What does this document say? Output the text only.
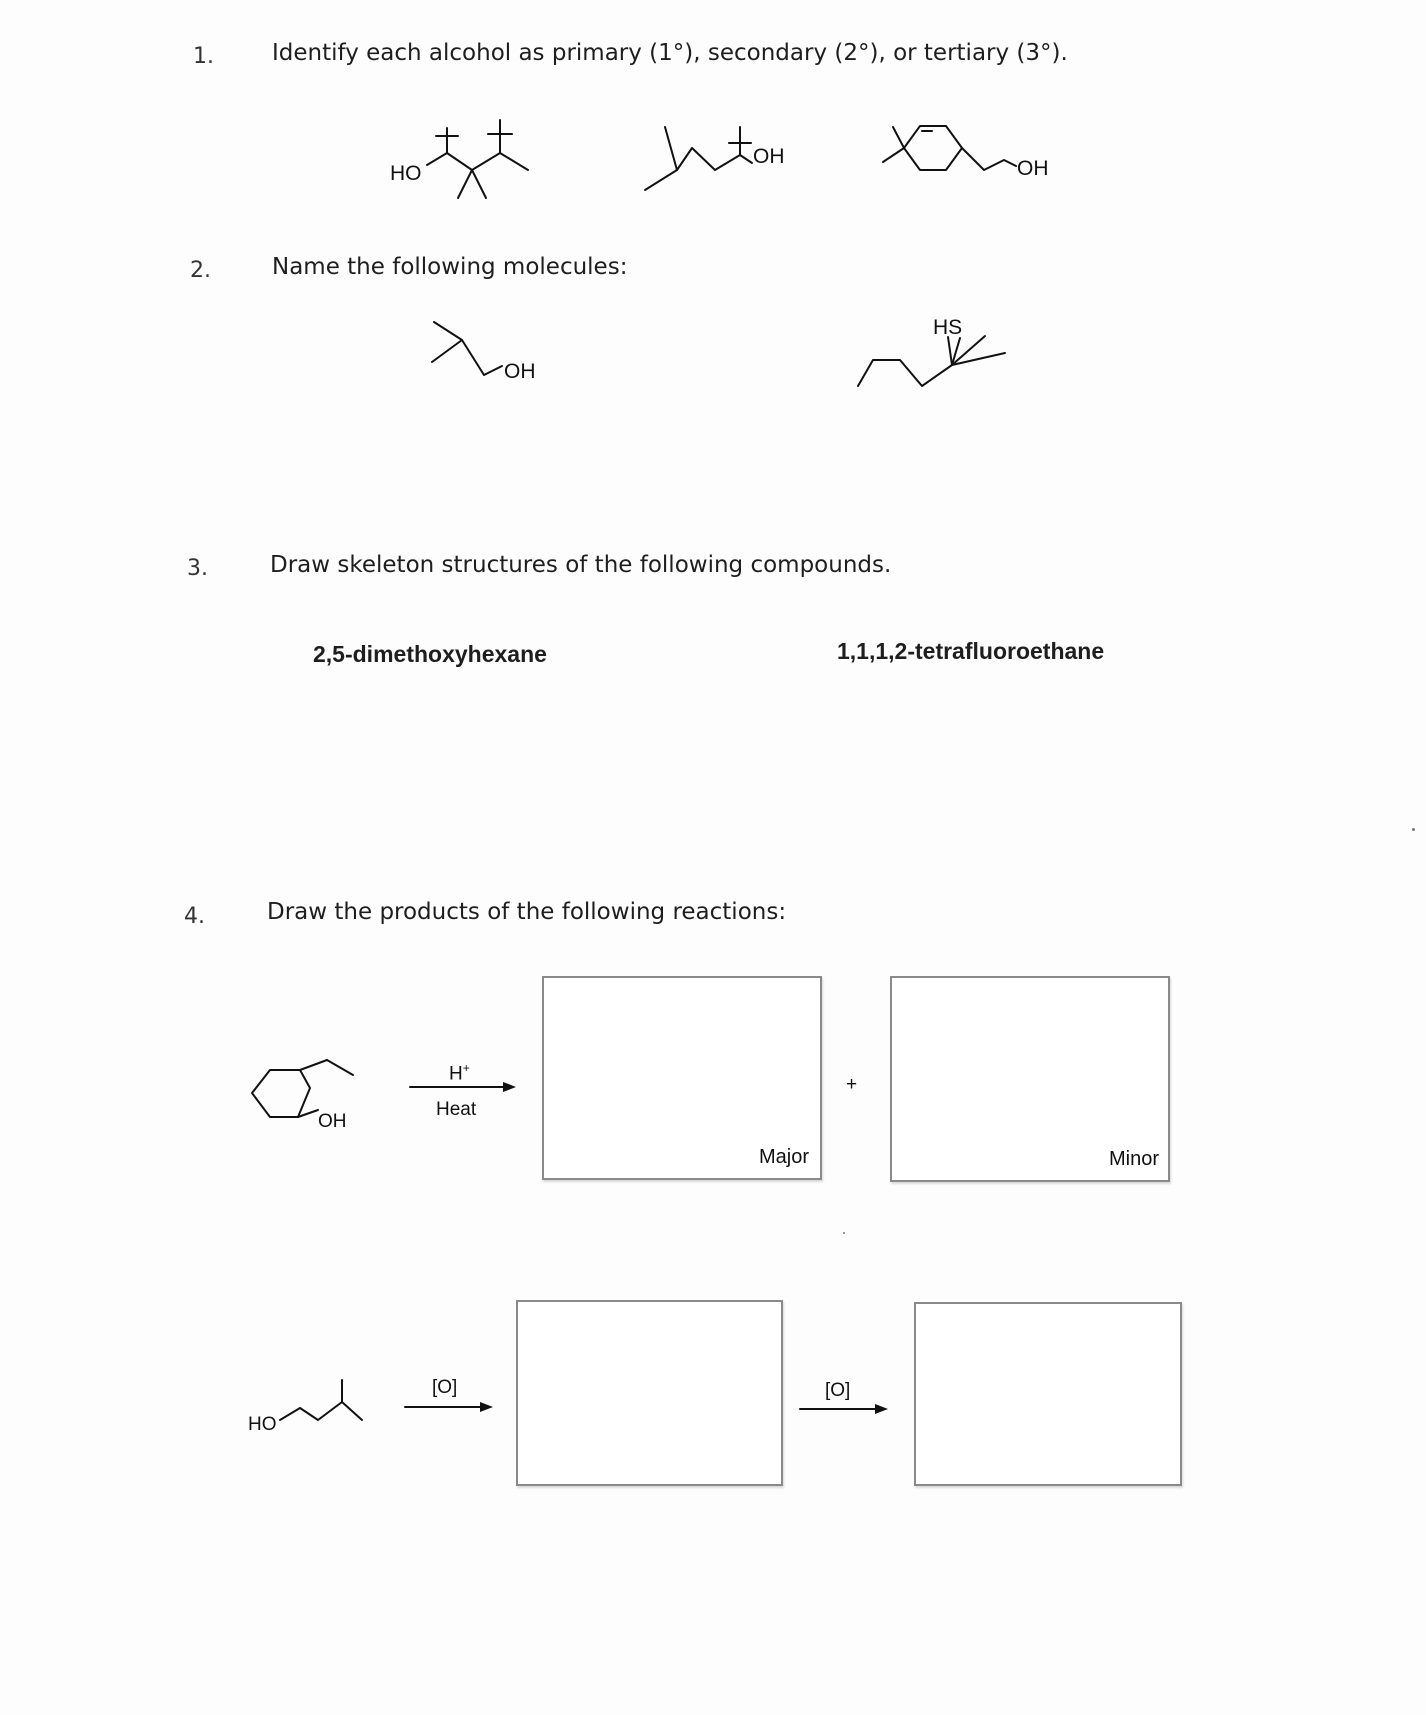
1.	Identify each alcohol as primary (1°), secondary (2°), or tertiary (3°).
HO
OH
OH
2.	Name the following molecules:
OH
HS
3.	Draw skeleton structures of the following compounds.
2,5-dimethoxyhexane	1,1,1,2-tetrafluoroethane
4.	Draw the products of the following reactions:
OH
H+
Heat
Major
+
Minor
HO
[O]	[O]
